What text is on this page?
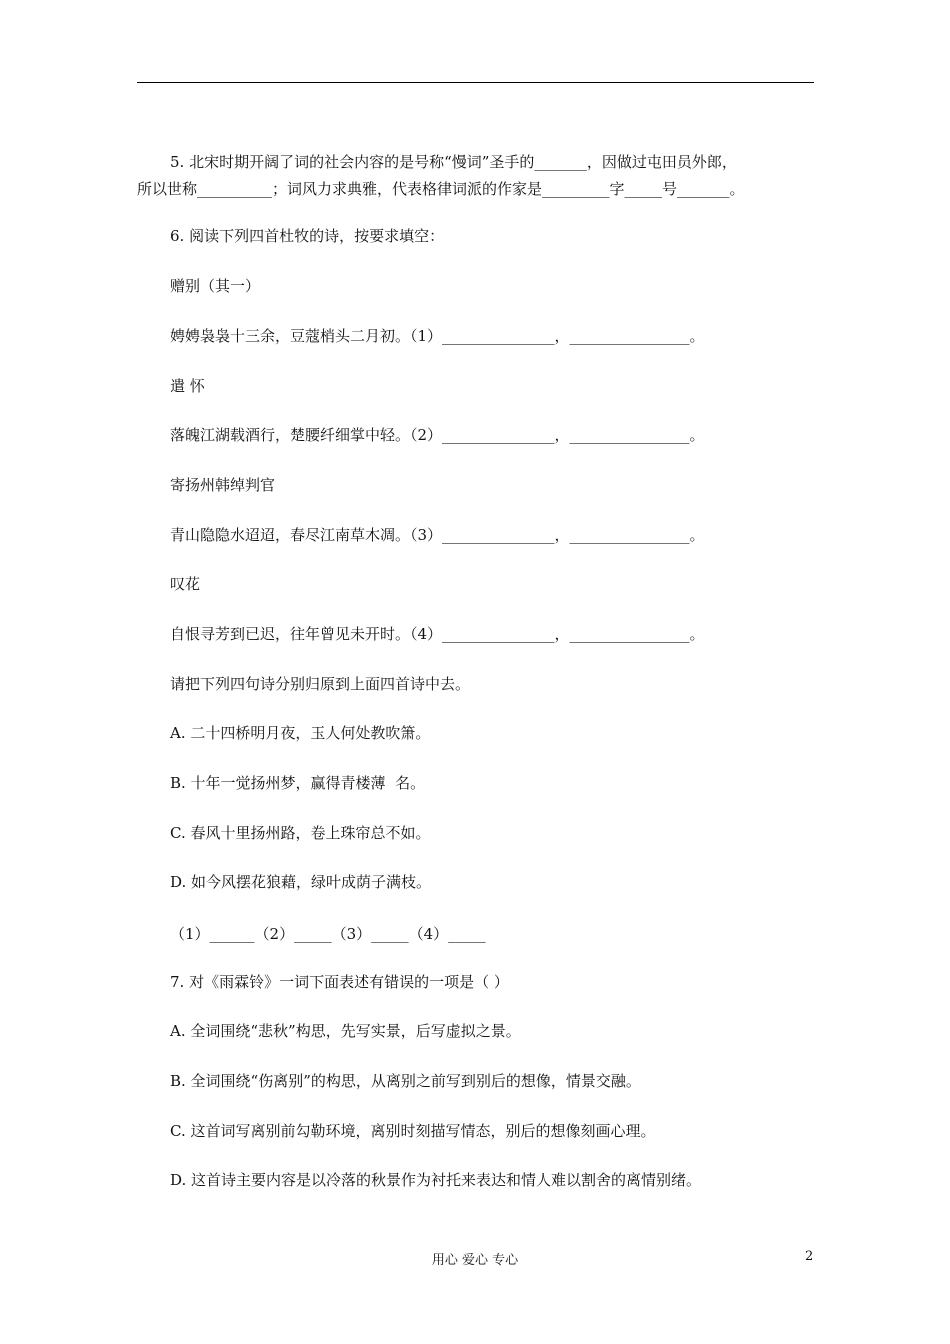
5. 北宋时期开阔了词的社会内容的是号称“慢词”圣手的_______，因做过屯田员外郎，
所以世称__________；词风力求典雅，代表格律词派的作家是_________字_____号_______。
6. 阅读下列四首杜牧的诗，按要求填空：
赠别（其一）
娉娉袅袅十三余，豆蔻梢头二月初。（1）_______________，________________。
遣 怀
落魄江湖载酒行，楚腰纤细掌中轻。（2）_______________，________________。
寄扬州韩绰判官
青山隐隐水迢迢，春尽江南草木凋。（3）_______________，________________。
叹花
自恨寻芳到已迟，往年曾见未开时。（4）_______________，________________。
请把下列四句诗分别归原到上面四首诗中去。
A. 二十四桥明月夜，玉人何处教吹箫。
B. 十年一觉扬州梦，赢得青楼薄  名。
C. 春风十里扬州路，卷上珠帘总不如。
D. 如今风摆花狼藉，绿叶成荫子满枝。
（1）______（2）_____（3）_____（4）_____
7. 对《雨霖铃》一词下面表述有错误的一项是（ ）
A. 全词围绕“悲秋”构思，先写实景，后写虚拟之景。
B. 全词围绕“伤离别”的构思，从离别之前写到别后的想像，情景交融。
C. 这首词写离别前勾勒环境，离别时刻描写情态，别后的想像刻画心理。
D. 这首诗主要内容是以冷落的秋景作为衬托来表达和情人难以割舍的离情别绪。
用心 爱心 专心	2
